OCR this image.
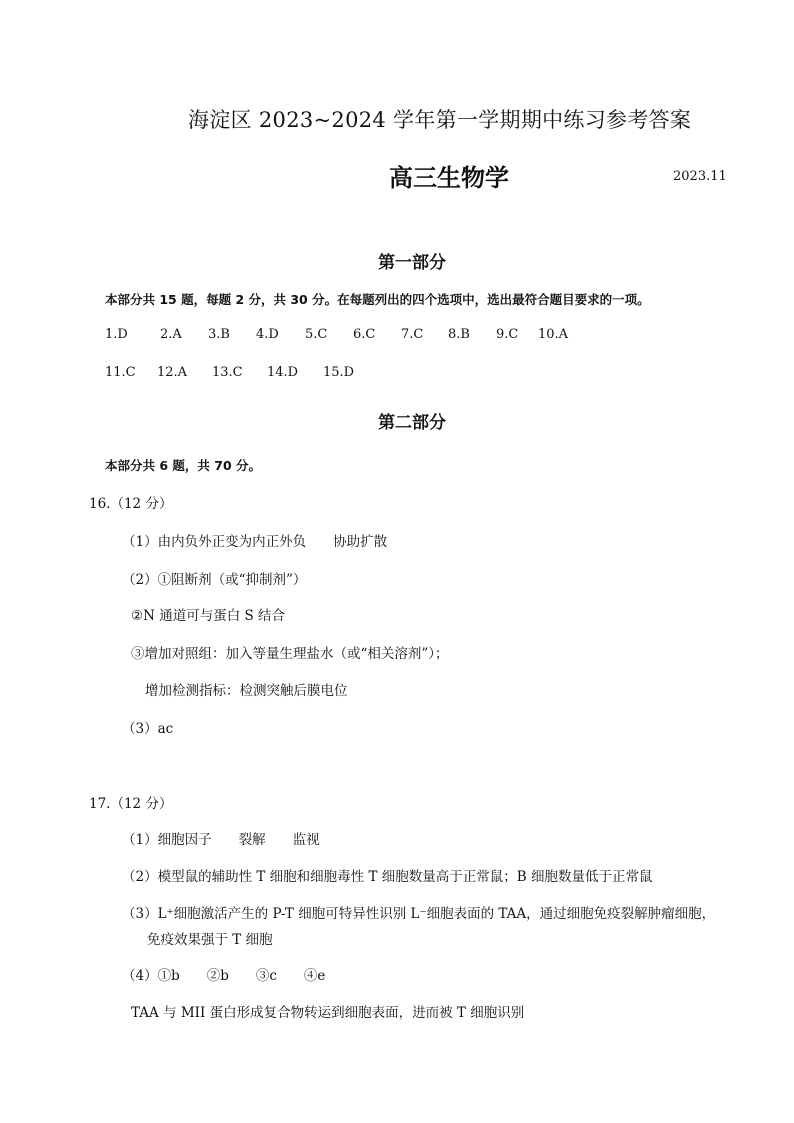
海淀区 2023~2024 学年第一学期期中练习参考答案
高三生物学	2023.11
第一部分
本部分共 15 题，每题 2 分，共 30 分。在每题列出的四个选项中，选出最符合题目要求的一项。
1.D	2.A	3.B	4.D	5.C	6.C	7.C	8.B	9.C	10.A
11.C	12.A	13.C	14.D	15.D
第二部分
本部分共 6 题，共 70 分。
16.（12 分）
（1）由内负外正变为内正外负　　协助扩散
（2）①阻断剂（或“抑制剂”）
②N 通道可与蛋白 S 结合
③增加对照组：加入等量生理盐水（或“相关溶剂”）；
增加检测指标：检测突触后膜电位
（3）ac
17.（12 分）
（1）细胞因子　　裂解　　监视
（2）模型鼠的辅助性 T 细胞和细胞毒性 T 细胞数量高于正常鼠；B 细胞数量低于正常鼠
（3）L⁺细胞激活产生的 P-T 细胞可特异性识别 L⁻细胞表面的 TAA，通过细胞免疫裂解肿瘤细胞，
免疫效果强于 T 细胞
（4）①b　　②b　　③c　　④e
TAA 与 MII 蛋白形成复合物转运到细胞表面，进而被 T 细胞识别
